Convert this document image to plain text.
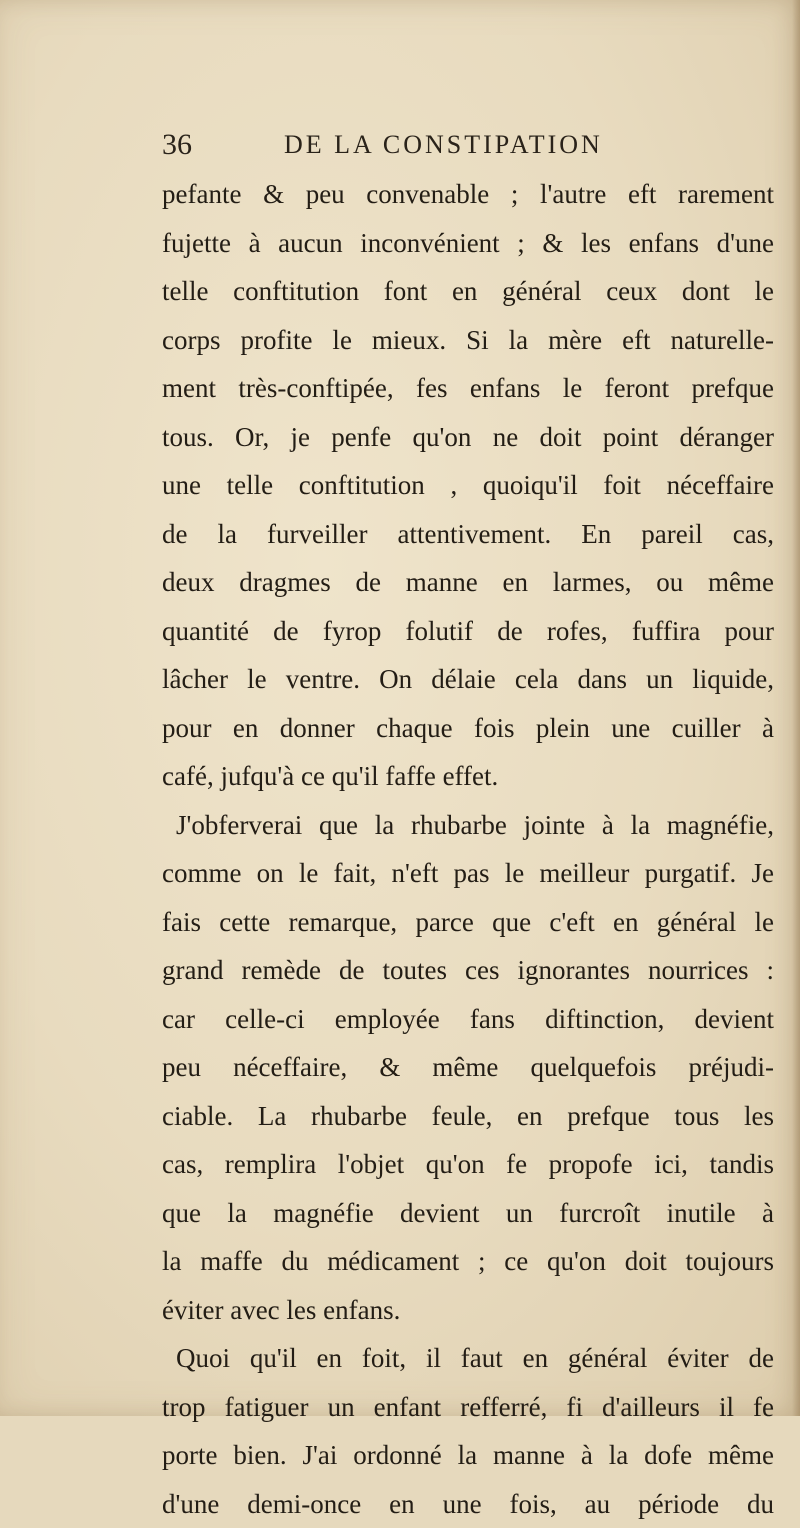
36	DE LA CONSTIPATION
pefante & peu convenable ; l'autre eft rarement
fujette à aucun inconvénient ; & les enfans d'une
telle conftitution font en général ceux dont le
corps profite le mieux. Si la mère eft naturelle-
ment très-conftipée, fes enfans le feront prefque
tous. Or, je penfe qu'on ne doit point déranger
une telle conftitution , quoiqu'il foit néceffaire
de la furveiller attentivement. En pareil cas,
deux dragmes de manne en larmes, ou même
quantité de fyrop folutif de rofes, fuffira pour
lâcher le ventre. On délaie cela dans un liquide,
pour en donner chaque fois plein une cuiller à
café, jufqu'à ce qu'il faffe effet.
J'obferverai que la rhubarbe jointe à la magnéfie,
comme on le fait, n'eft pas le meilleur purgatif. Je
fais cette remarque, parce que c'eft en général le
grand remède de toutes ces ignorantes nourrices :
car celle-ci employée fans diftinction, devient
peu néceffaire, & même quelquefois préjudi-
ciable. La rhubarbe feule, en prefque tous les
cas, remplira l'objet qu'on fe propofe ici, tandis
que la magnéfie devient un furcroît inutile à
la maffe du médicament ; ce qu'on doit toujours
éviter avec les enfans.
Quoi qu'il en foit, il faut en général éviter de
trop fatiguer un enfant refferré, fi d'ailleurs il fe
porte bien. J'ai ordonné la manne à la dofe même
d'une demi-once en une fois, au période du
